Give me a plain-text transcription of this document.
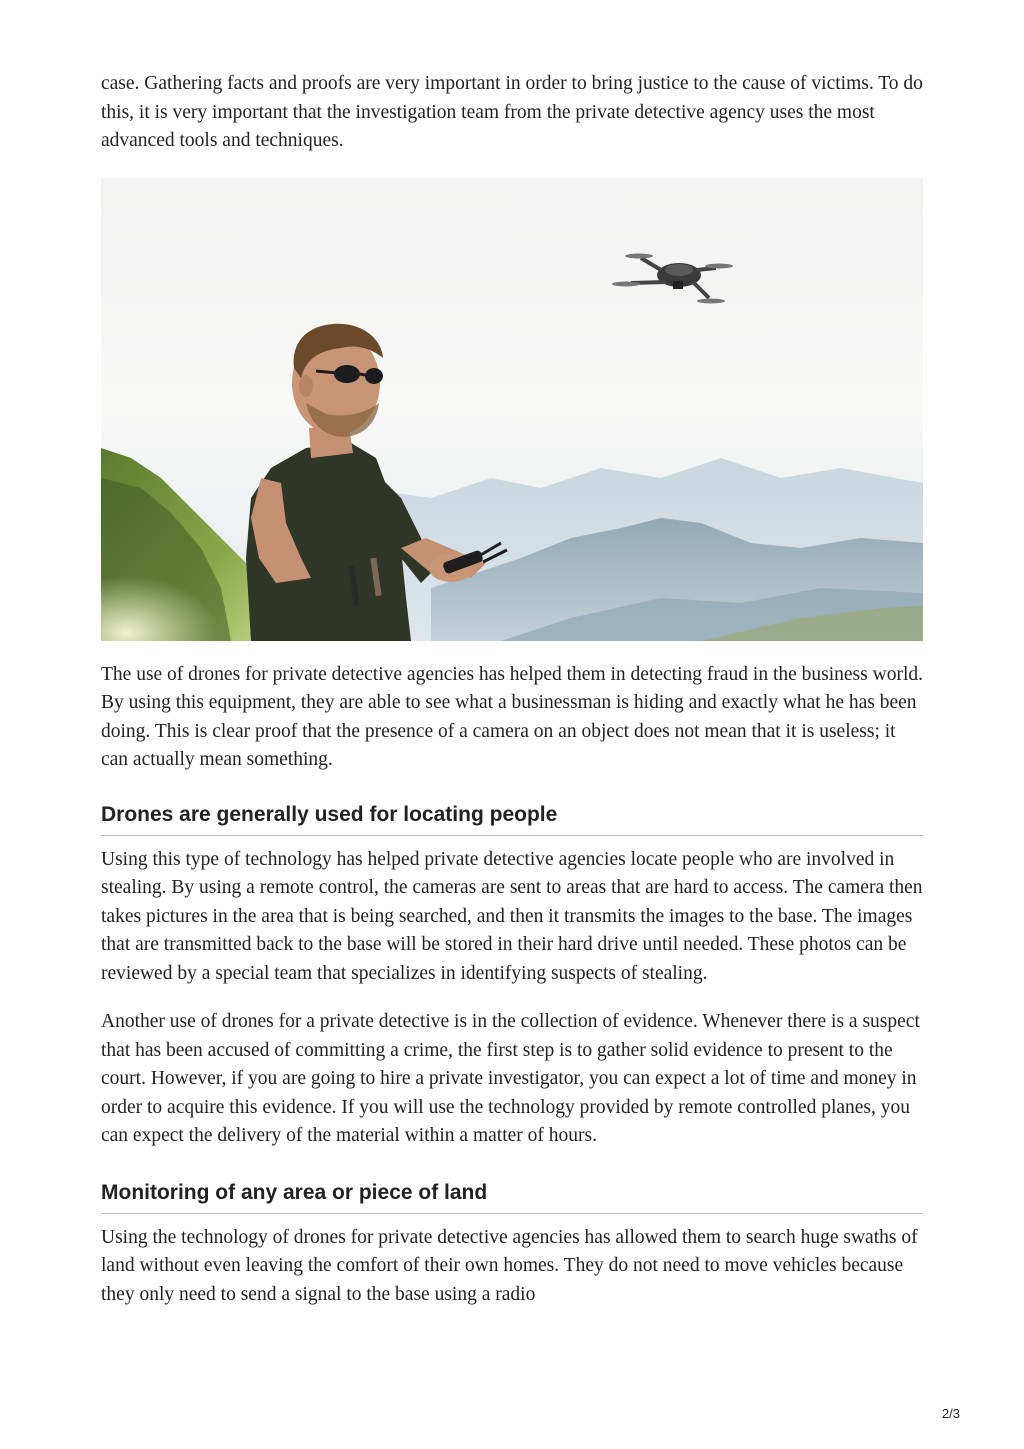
case. Gathering facts and proofs are very important in order to bring justice to the cause of victims. To do this, it is very important that the investigation team from the private detective agency uses the most advanced tools and techniques.

The use of drones for private detective agencies has helped them in detecting fraud in the business world. By using this equipment, they are able to see what a businessman is hiding and exactly what he has been doing. This is clear proof that the presence of a camera on an object does not mean that it is useless; it can actually mean something.

Drones are generally used for locating people

Using this type of technology has helped private detective agencies locate people who are involved in stealing. By using a remote control, the cameras are sent to areas that are hard to access. The camera then takes pictures in the area that is being searched, and then it transmits the images to the base. The images that are transmitted back to the base will be stored in their hard drive until needed. These photos can be reviewed by a special team that specializes in identifying suspects of stealing.

Another use of drones for a private detective is in the collection of evidence. Whenever there is a suspect that has been accused of committing a crime, the first step is to gather solid evidence to present to the court. However, if you are going to hire a private investigator, you can expect a lot of time and money in order to acquire this evidence. If you will use the technology provided by remote controlled planes, you can expect the delivery of the material within a matter of hours.

Monitoring of any area or piece of land

Using the technology of drones for private detective agencies has allowed them to search huge swaths of land without even leaving the comfort of their own homes. They do not need to move vehicles because they only need to send a signal to the base using a radio

2/3
